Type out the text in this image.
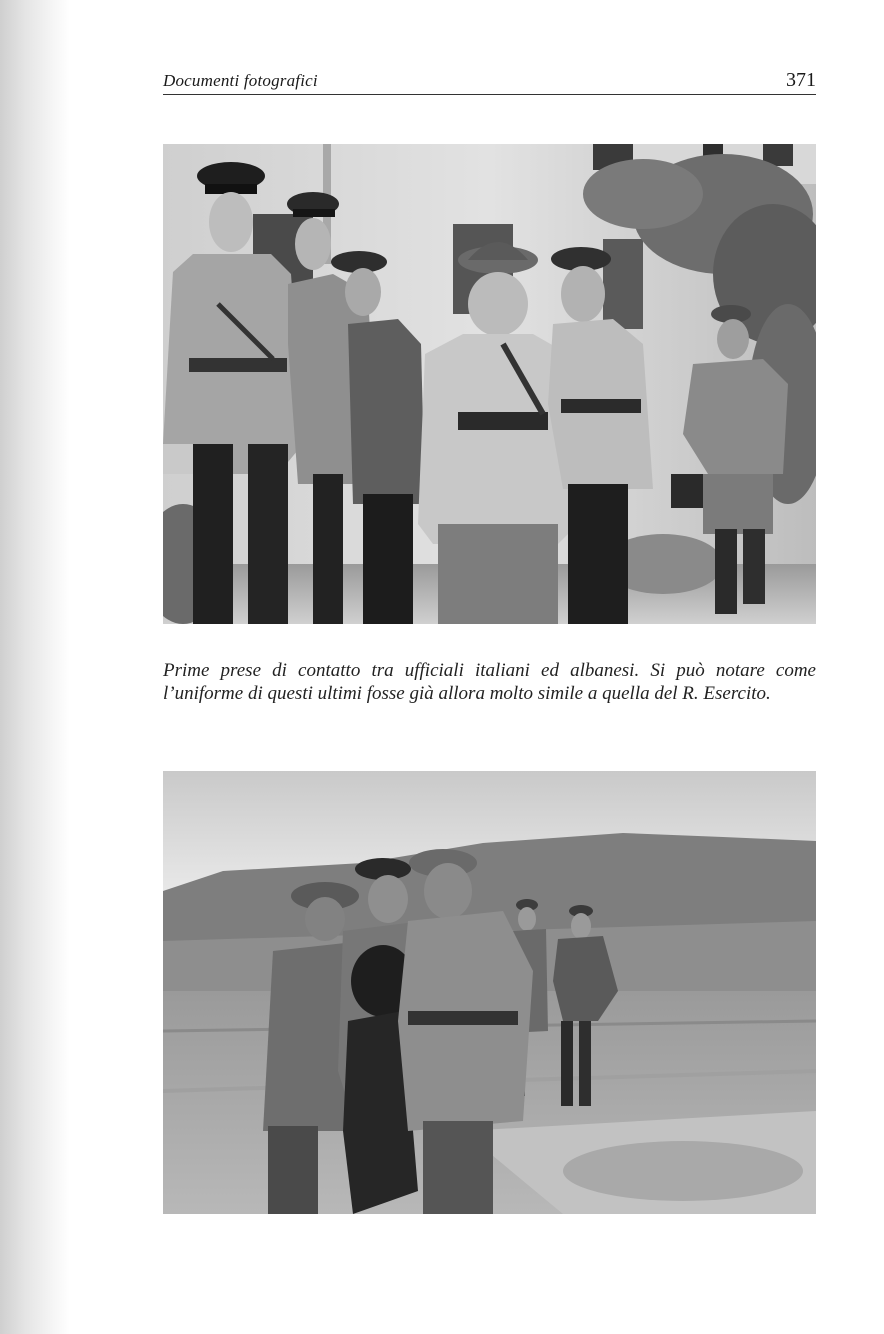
Documenti fotografici	371
Prime prese di contatto tra ufficiali italiani ed albanesi. Si può notare come l’uniforme di questi ultimi fosse già allora molto simile a quella del R. Esercito.
